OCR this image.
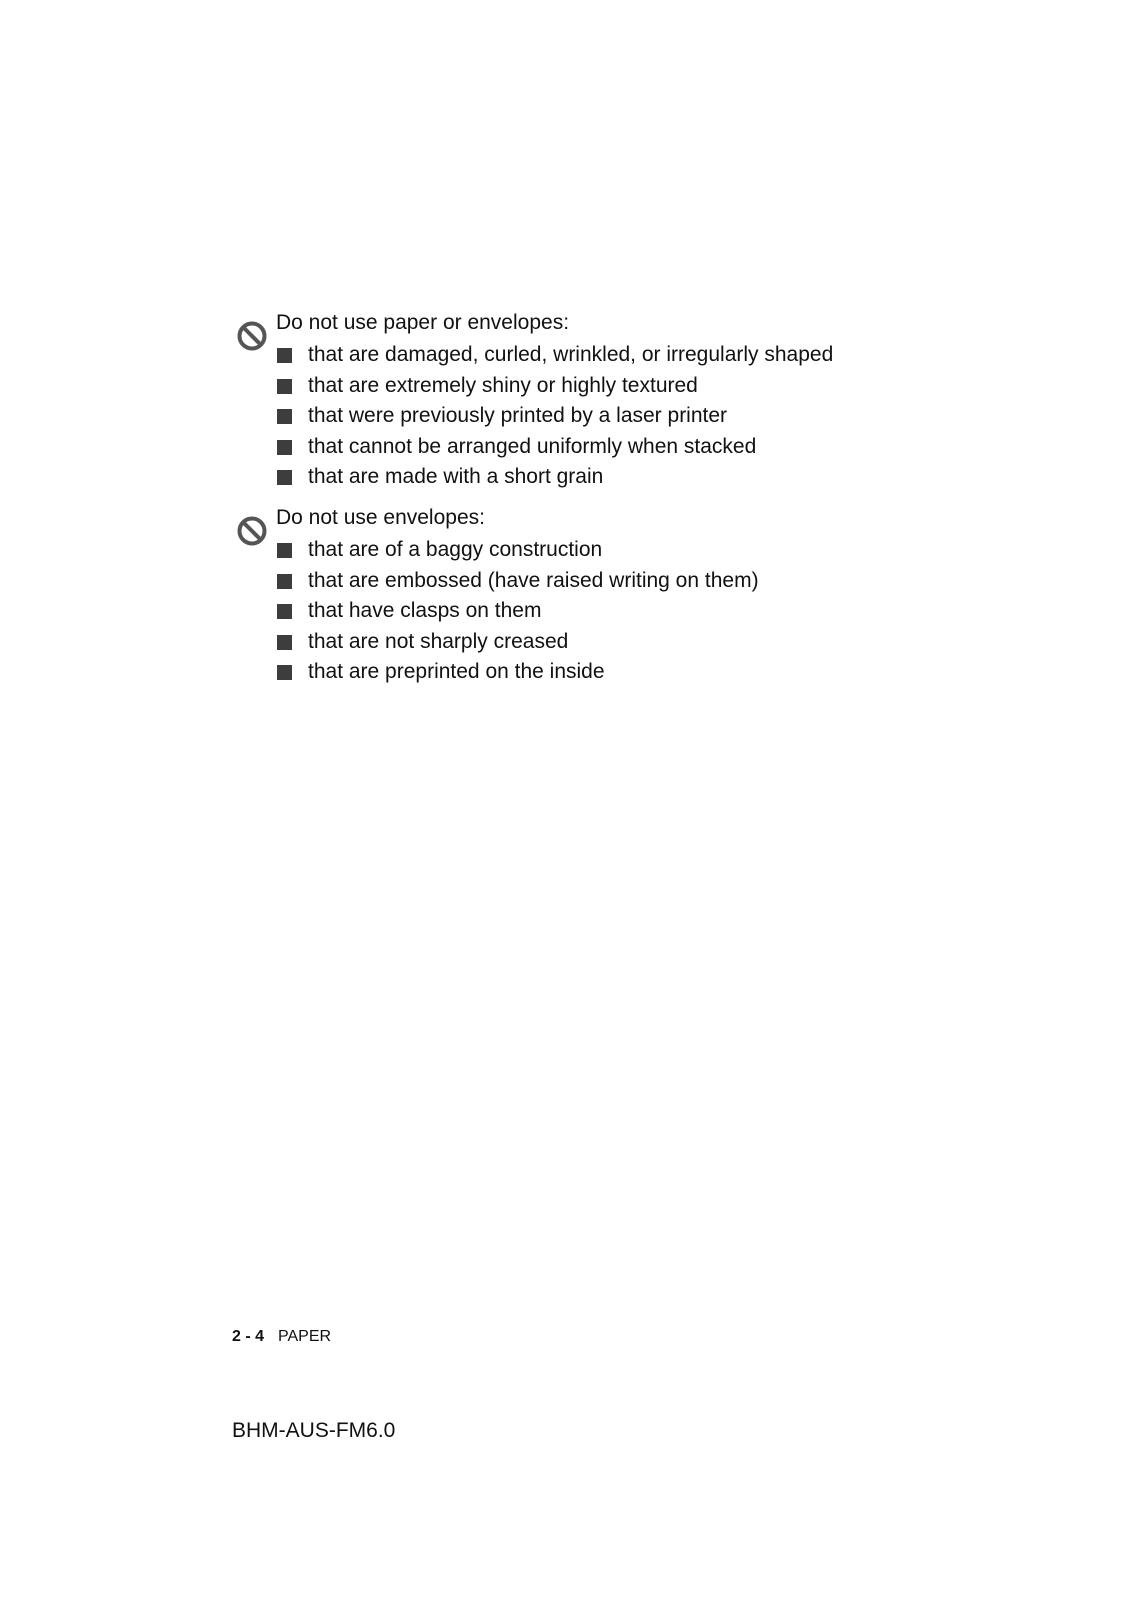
Do not use paper or envelopes:
that are damaged, curled, wrinkled, or irregularly shaped
that are extremely shiny or highly textured
that were previously printed by a laser printer
that cannot be arranged uniformly when stacked
that are made with a short grain
Do not use envelopes:
that are of a baggy construction
that are embossed (have raised writing on them)
that have clasps on them
that are not sharply creased
that are preprinted on the inside
2 - 4 PAPER
BHM-AUS-FM6.0
